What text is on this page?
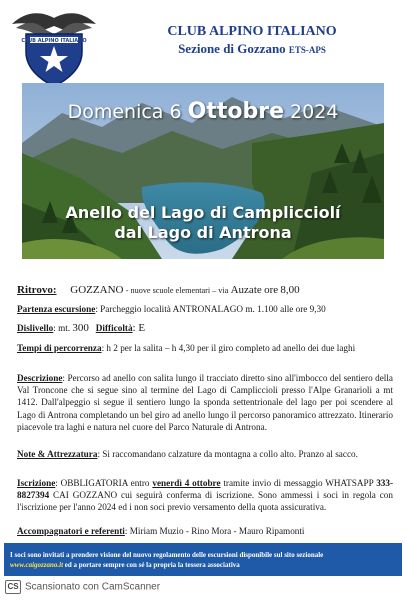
CLUB ALPINO ITALIANO
CLUB ALPINO ITALIANO
Sezione di Gozzano ETS-APS
Domenica 6 Ottobre 2024
Anello del Lago di Camplicciolí
dal Lago di Antrona
Ritrovo: GOZZANO - nuove scuole elementari – via Auzate ore 8,00
Partenza escursione: Parcheggio località ANTRONALAGO m. 1.100 alle ore 9,30
Dislivello: mt. 300 Difficoltà: E
Tempi di percorrenza: h 2 per la salita – h 4,30 per il giro completo ad anello dei due laghi
Descrizione: Percorso ad anello con salita lungo il tracciato diretto sino all'imbocco del sentiero della Val Troncone che si segue sino al termine del Lago di Campliccioli presso l'Alpe Granarioli a mt 1412. Dall'alpeggio si segue il sentiero lungo la sponda settentrionale del lago per poi scendere al Lago di Antrona completando un bel giro ad anello lungo il percorso panoramico attrezzato. Itinerario piacevole tra laghi e natura nel cuore del Parco Naturale di Antrona.
Note & Attrezzatura: Si raccomandano calzature da montagna a collo alto. Pranzo al sacco.
Iscrizione: OBBLIGATORIA entro venerdì 4 ottobre tramite invio di messaggio WHATSAPP 333-8827394 CAI GOZZANO cui seguirà conferma di iscrizione. Sono ammessi i soci in regola con l'iscrizione per l'anno 2024 ed i non soci previo versamento della quota assicurativa.
Accompagnatori e referenti: Miriam Muzio - Rino Mora - Mauro Ripamonti
I soci sono invitati a prendere visione del nuovo regolamento delle escursioni disponibile sul sito sezionale
www.caigozzano.it ed a portare sempre con sé la propria la tessera associativa
CS Scansionato con CamScanner
